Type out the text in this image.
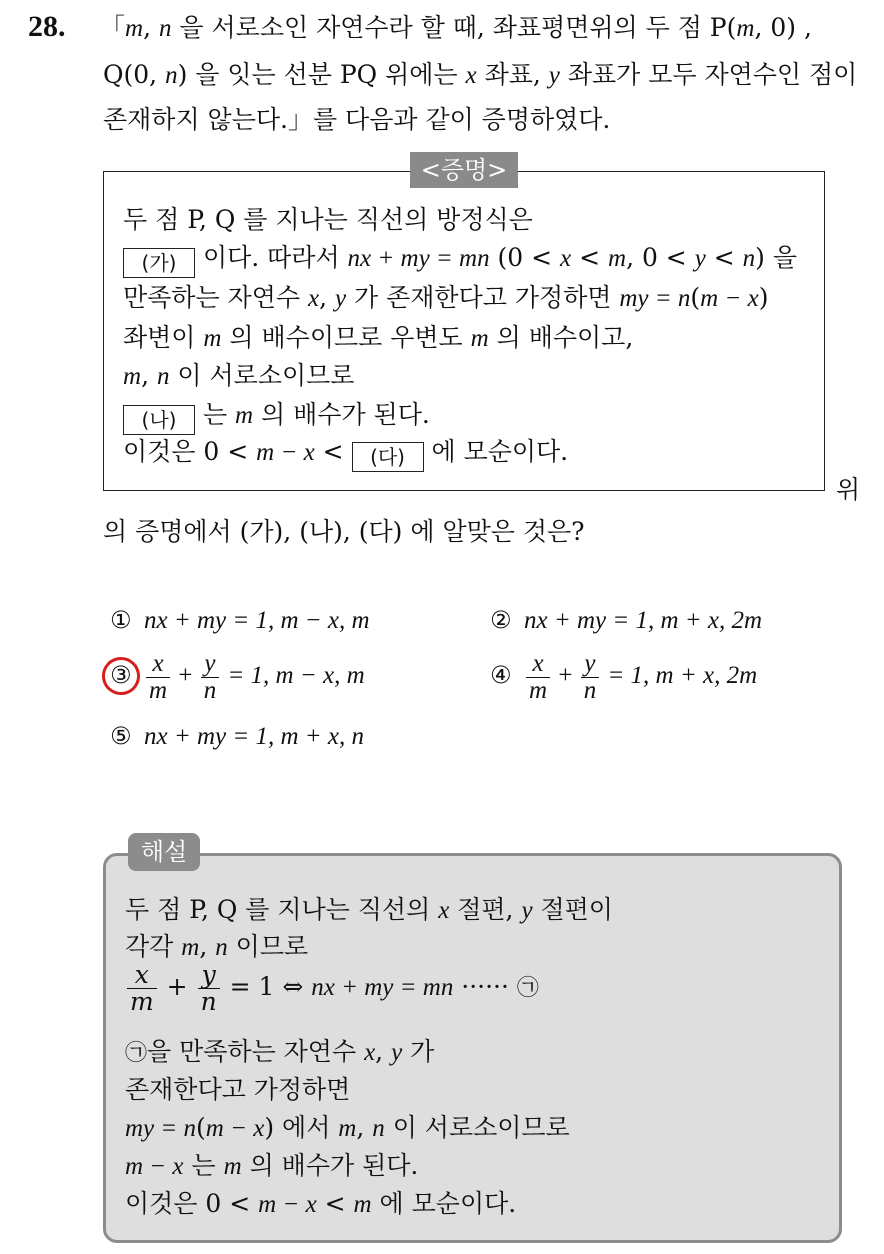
28. 「m, n 을 서로소인 자연수라 할 때, 좌표평면위의 두 점 P(m, 0) ,
Q(0, n) 을 잇는 선분 PQ 위에는 x 좌표, y 좌표가 모두 자연수인 점이
존재하지 않는다.」를 다음과 같이 증명하였다.
<증명>
두 점 P, Q 를 지나는 직선의 방정식은
(가) 이다. 따라서 nx + my = mn (0 < x < m, 0 < y < n) 을
만족하는 자연수 x, y 가 존재한다고 가정하면 my = n(m − x)
좌변이 m 의 배수이므로 우변도 m 의 배수이고,
m, n 이 서로소이므로
(나) 는 m 의 배수가 된다.
이것은 0 < m − x < (다) 에 모순이다.
위
의 증명에서 (가), (나), (다) 에 알맞은 것은?
① nx + my = 1, m − x, m	② nx + my = 1, m + x, 2m
③ $\frac{x}{m} + \frac{y}{n} = 1$, m − x, m	④ $\frac{x}{m} + \frac{y}{n} = 1$, m + x, 2m
⑤ nx + my = 1, m + x, n
해설
두 점 P, Q 를 지나는 직선의 x 절편, y 절편이
각각 m, n 이므로
$\frac{x}{m} + \frac{y}{n} = 1$ ⇔ nx + my = mn ······ ㉠
㉠을 만족하는 자연수 x, y 가
존재한다고 가정하면
my = n(m − x) 에서 m, n 이 서로소이므로
m − x 는 m 의 배수가 된다.
이것은 0 < m − x < m 에 모순이다.
